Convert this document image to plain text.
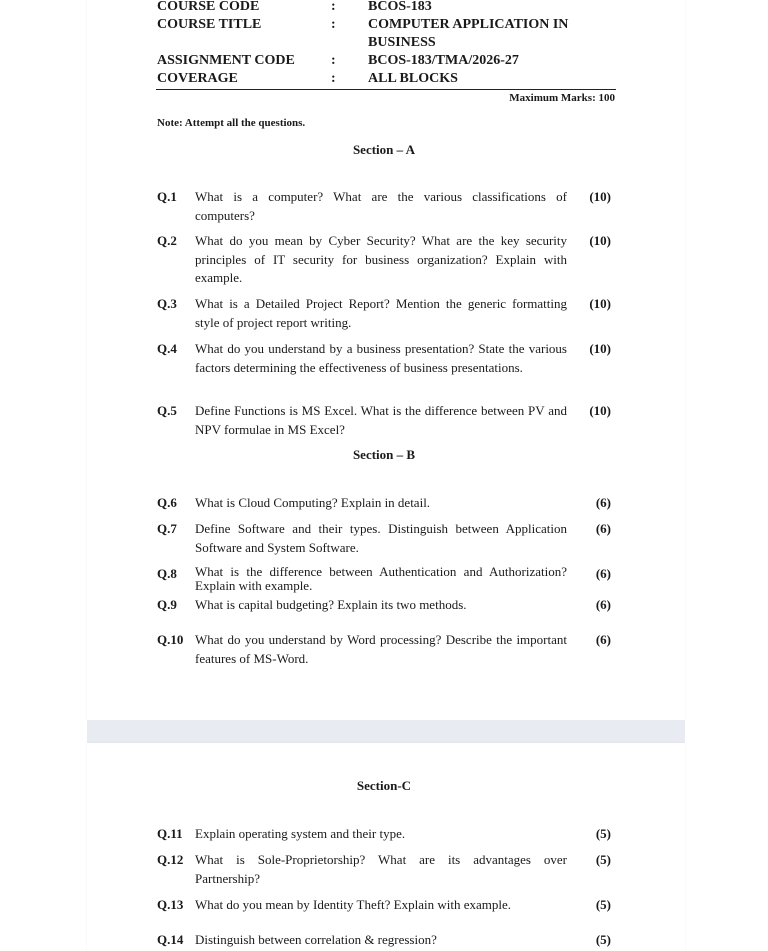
COURSE CODE	: BCOS-183
COURSE TITLE	: COMPUTER APPLICATION IN
BUSINESS
ASSIGNMENT CODE	: BCOS-183/TMA/2026-27
COVERAGE	: ALL BLOCKS
Maximum Marks: 100
Note: Attempt all the questions.
Section – A
Q.1 What is a computer? What are the various classifications of computers?
(10)
Q.2 What do you mean by Cyber Security? What are the key security principles of IT security for business organization? Explain with example.
(10)
Q.3 What is a Detailed Project Report? Mention the generic formatting style of project report writing.
(10)
Q.4 What do you understand by a business presentation? State the various factors determining the effectiveness of business presentations.
(10)
Q.5 Define Functions is MS Excel. What is the difference between PV and NPV formulae in MS Excel?
(10)
Section – B
Q.6 What is Cloud Computing? Explain in detail.	(6)
Q.7 Define Software and their types. Distinguish between Application Software and System Software.
(6)
Q.8 What is the difference between Authentication and Authorization? Explain with example.
(6)
Q.9 What is capital budgeting? Explain its two methods.	(6)
Q.10 What do you understand by Word processing? Describe the important features of MS-Word.
(6)
Section-C
Q.11 Explain operating system and their type.	(5)
Q.12 What is Sole-Proprietorship? What are its advantages over Partnership?
(5)
Q.13 What do you mean by Identity Theft? Explain with example.	(5)
Q.14 Distinguish between correlation & regression?	(5)
